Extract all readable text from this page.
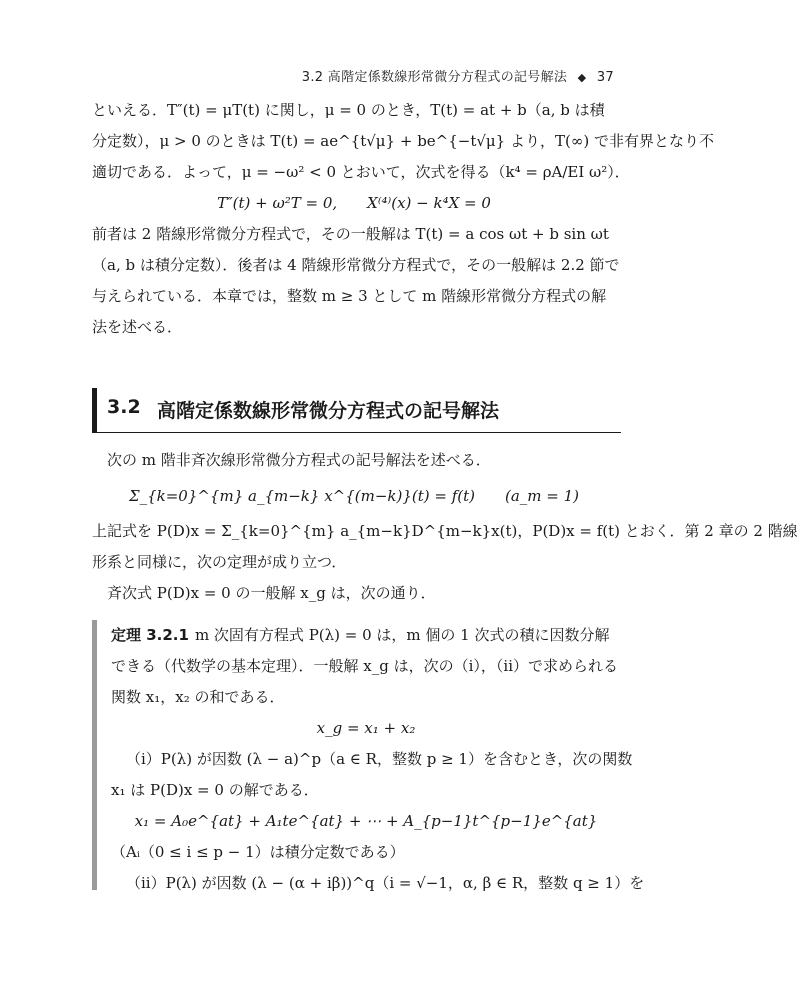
3.2 高階定係数線形常微分方程式の記号解法 ◆ 37

といえる．T″(t) = μT(t) に関し，μ = 0 のとき，T(t) = at + b（a, b は積

分定数），μ > 0 のときは T(t) = ae^{t√μ} + be^{−t√μ} より，T(∞) で非有界となり不

適切である．よって，μ = −ω² < 0 とおいて，次式を得る（k⁴ = ρA/EI ω²）．

T″(t) + ω²T = 0,　　X⁽⁴⁾(x) − k⁴X = 0

前者は 2 階線形常微分方程式で，その一般解は T(t) = a cos ωt + b sin ωt

（a, b は積分定数）．後者は 4 階線形常微分方程式で，その一般解は 2.2 節で

与えられている．本章では，整数 m ≥ 3 として m 階線形常微分方程式の解

法を述べる．

3.2 高階定係数線形常微分方程式の記号解法

次の m 階非斉次線形常微分方程式の記号解法を述べる．

Σ_{k=0}^{m} a_{m−k} x^{(m−k)}(t) = f(t)　　(a_m = 1)

上記式を P(D)x = Σ_{k=0}^{m} a_{m−k}D^{m−k}x(t)，P(D)x = f(t) とおく．第 2 章の 2 階線

形系と同様に，次の定理が成り立つ．

斉次式 P(D)x = 0 の一般解 x_g は，次の通り．

定理 3.2.1 m 次固有方程式 P(λ) = 0 は，m 個の 1 次式の積に因数分解

できる（代数学の基本定理）．一般解 x_g は，次の（i），（ii）で求められる

関数 x₁，x₂ の和である．

x_g = x₁ + x₂

（i）P(λ) が因数 (λ − a)^p（a ∈ R，整数 p ≥ 1）を含むとき，次の関数

x₁ は P(D)x = 0 の解である．

x₁ = A₀e^{at} + A₁te^{at} + ⋯ + A_{p−1}t^{p−1}e^{at}

（Aᵢ（0 ≤ i ≤ p − 1）は積分定数である）

（ii）P(λ) が因数 (λ − (α + iβ))^q（i = √−1，α, β ∈ R，整数 q ≥ 1）を
